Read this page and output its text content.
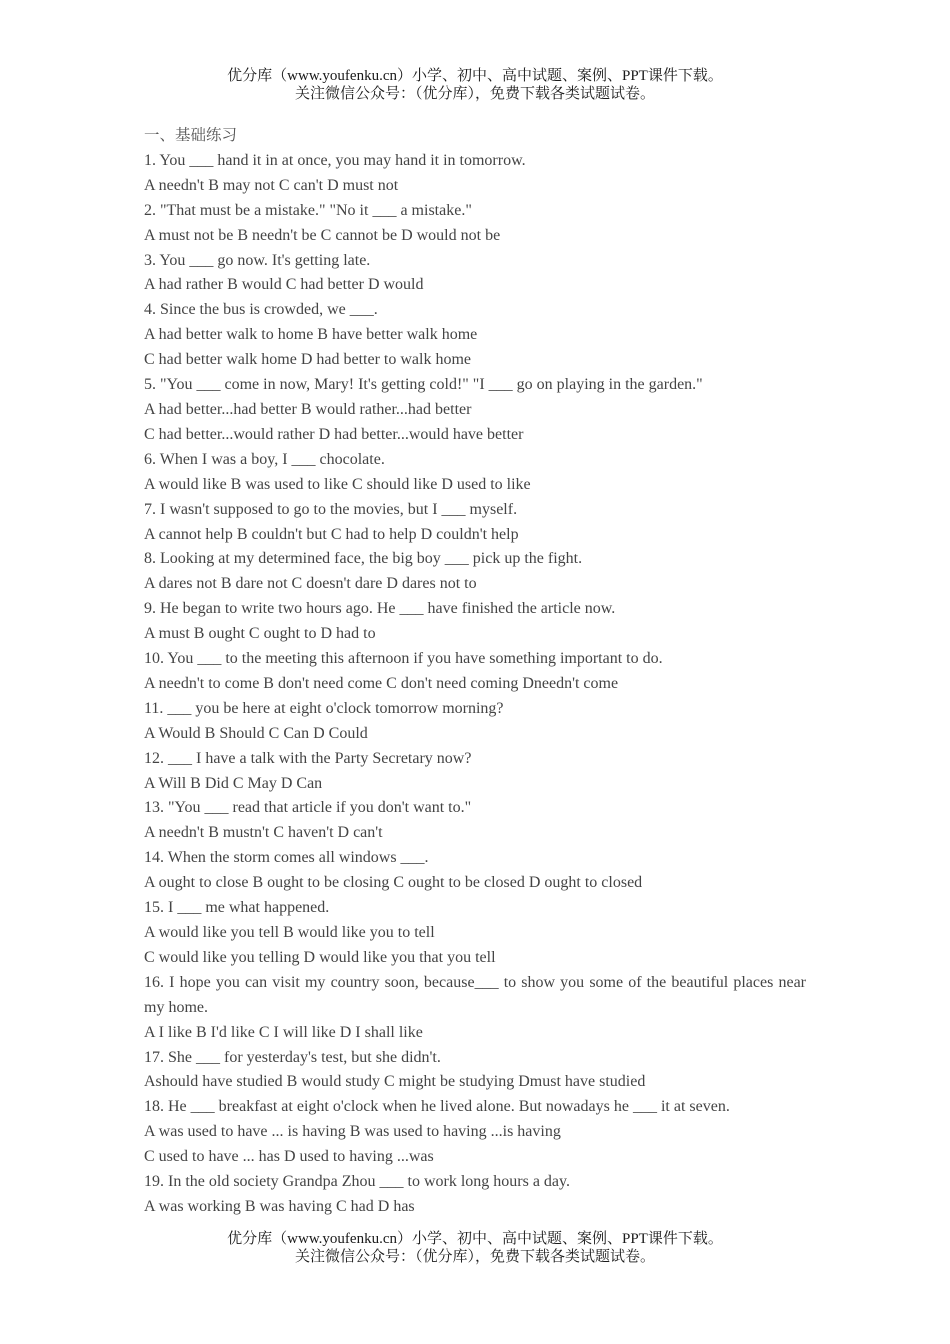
优分库（www.youfenku.cn）小学、初中、高中试题、案例、PPT课件下载。
关注微信公众号：（优分库），免费下载各类试题试卷。
一、基础练习
1. You ___ hand it in at once, you may hand it in tomorrow.
A needn't B may not C can't D must not
2. "That must be a mistake." "No it ___ a mistake."
A must not be B needn't be C cannot be D would not be
3. You ___ go now. It's getting late.
A had rather B would C had better D would
4. Since the bus is crowded, we ___.
A had better walk to home B have better walk home
C had better walk home D had better to walk home
5. "You ___ come in now, Mary! It's getting cold!" "I ___ go on playing in the garden."
A had better...had better B would rather...had better
C had better...would rather D had better...would have better
6. When I was a boy, I ___ chocolate.
A would like B was used to like C should like D used to like
7. I wasn't supposed to go to the movies, but I ___ myself.
A cannot help B couldn't but C had to help D couldn't help
8. Looking at my determined face, the big boy ___ pick up the fight.
A dares not B dare not C doesn't dare D dares not to
9. He began to write two hours ago. He ___ have finished the article now.
A must B ought C ought to D had to
10. You ___ to the meeting this afternoon if you have something important to do.
A needn't to come B don't need come C don't need coming Dneedn't come
11. ___ you be here at eight o'clock tomorrow morning?
A Would B Should C Can D Could
12. ___ I have a talk with the Party Secretary now?
A Will B Did C May D Can
13. "You ___ read that article if you don't want to."
A needn't B mustn't C haven't D can't
14. When the storm comes all windows ___.
A ought to close B ought to be closing C ought to be closed D ought to closed
15. I ___ me what happened.
A would like you tell B would like you to tell
C would like you telling D would like you that you tell
16. I hope you can visit my country soon, because___ to show you some of the beautiful places near my home.
A I like B I'd like C I will like D I shall like
17. She ___ for yesterday's test, but she didn't.
Ashould have studied B would study C might be studying Dmust have studied
18. He ___ breakfast at eight o'clock when he lived alone. But nowadays he ___ it at seven.
A was used to have ... is having B was used to having ...is having
C used to have ... has D used to having ...was
19. In the old society Grandpa Zhou ___ to work long hours a day.
A was working B was having C had D has
优分库（www.youfenku.cn）小学、初中、高中试题、案例、PPT课件下载。
关注微信公众号：（优分库），免费下载各类试题试卷。
